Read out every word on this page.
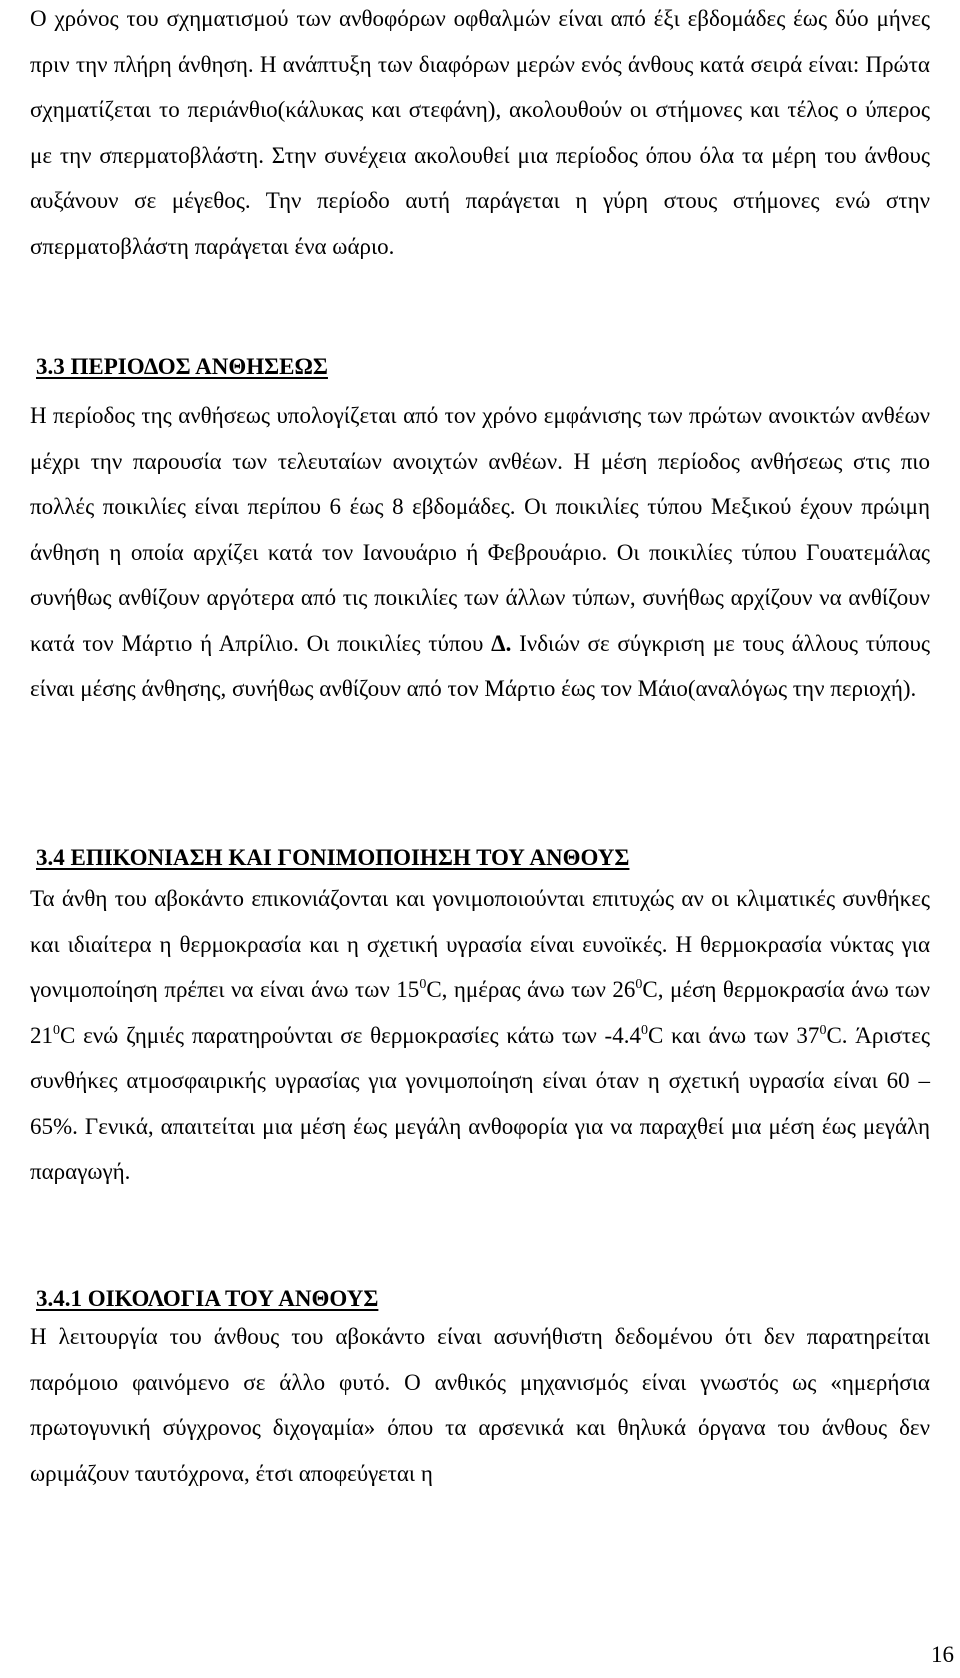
Ο χρόνος του σχηματισμού των ανθοφόρων οφθαλμών είναι από έξι εβδομάδες έως δύο μήνες πριν την πλήρη άνθηση. Η ανάπτυξη των διαφόρων μερών ενός άνθους κατά σειρά είναι: Πρώτα σχηματίζεται το περιάνθιο(κάλυκας και στεφάνη), ακολουθούν οι στήμονες και τέλος ο ύπερος με την σπερματοβλάστη. Στην συνέχεια ακολουθεί μια περίοδος όπου όλα τα μέρη του άνθους αυξάνουν σε μέγεθος. Την περίοδο αυτή παράγεται η γύρη στους στήμονες ενώ στην σπερματοβλάστη παράγεται ένα ωάριο.

3.3 ΠΕΡΙΟΔΟΣ ΑΝΘΗΣΕΩΣ

Η περίοδος της ανθήσεως υπολογίζεται από τον χρόνο εμφάνισης των πρώτων ανοικτών ανθέων μέχρι την παρουσία των τελευταίων ανοιχτών ανθέων. Η μέση περίοδος ανθήσεως στις πιο πολλές ποικιλίες είναι περίπου 6 έως 8 εβδομάδες. Οι ποικιλίες τύπου Μεξικού έχουν πρώιμη άνθηση η οποία αρχίζει κατά τον Ιανουάριο ή Φεβρουάριο. Οι ποικιλίες τύπου Γουατεμάλας συνήθως ανθίζουν αργότερα από τις ποικιλίες των άλλων τύπων, συνήθως αρχίζουν να ανθίζουν κατά τον Μάρτιο ή Απρίλιο. Οι ποικιλίες τύπου Δ. Ινδιών σε σύγκριση με τους άλλους τύπους είναι μέσης άνθησης, συνήθως ανθίζουν από τον Μάρτιο έως τον Μάιο(αναλόγως την περιοχή).

3.4 ΕΠΙΚΟΝΙΑΣΗ ΚΑΙ ΓΟΝΙΜΟΠΟΙΗΣΗ ΤΟΥ ΑΝΘΟΥΣ

Τα άνθη του αβοκάντο επικονιάζονται και γονιμοποιούνται επιτυχώς αν οι κλιματικές συνθήκες και ιδιαίτερα η θερμοκρασία και η σχετική υγρασία είναι ευνοϊκές. Η θερμοκρασία νύκτας για γονιμοποίηση πρέπει να είναι άνω των $15^0C$, ημέρας άνω των $26^0C$, μέση θερμοκρασία άνω των $21^0C$ ενώ ζημιές παρατηρούνται σε θερμοκρασίες κάτω των $-4.4^0C$ και άνω των $37^0C$. Άριστες συνθήκες ατμοσφαιρικής υγρασίας για γονιμοποίηση είναι όταν η σχετική υγρασία είναι 60 – 65%. Γενικά, απαιτείται μια μέση έως μεγάλη ανθοφορία για να παραχθεί μια μέση έως μεγάλη παραγωγή.

3.4.1 ΟΙΚΟΛΟΓΙΑ ΤΟΥ ΑΝΘΟΥΣ

Η λειτουργία του άνθους του αβοκάντο είναι ασυνήθιστη δεδομένου ότι δεν παρατηρείται παρόμοιο φαινόμενο σε άλλο φυτό. Ο ανθικός μηχανισμός είναι γνωστός ως «ημερήσια πρωτογυνική σύγχρονος διχογαμία» όπου τα αρσενικά και θηλυκά όργανα του άνθους δεν ωριμάζουν ταυτόχρονα, έτσι αποφεύγεται η

16
